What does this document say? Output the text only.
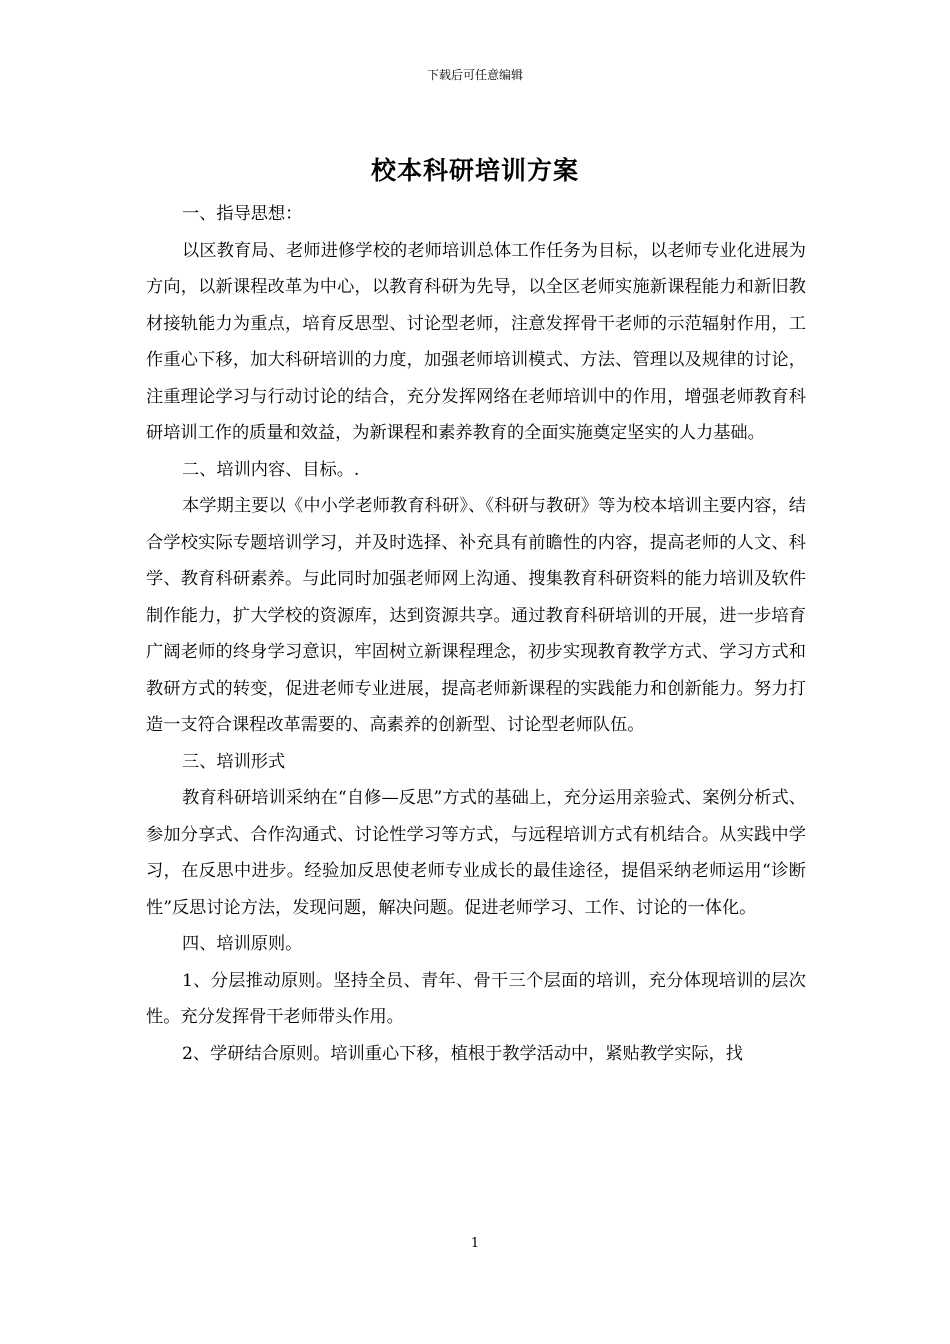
下载后可任意编辑
校本科研培训方案

一、指导思想：

以区教育局、老师进修学校的老师培训总体工作任务为目标，以老师专业化进展为方向，以新课程改革为中心，以教育科研为先导，以全区老师实施新课程能力和新旧教材接轨能力为重点，培育反思型、讨论型老师，注意发挥骨干老师的示范辐射作用，工作重心下移，加大科研培训的力度，加强老师培训模式、方法、管理以及规律的讨论，注重理论学习与行动讨论的结合，充分发挥网络在老师培训中的作用，增强老师教育科研培训工作的质量和效益，为新课程和素养教育的全面实施奠定坚实的人力基础。

二、培训内容、目标。.

本学期主要以《中小学老师教育科研》、《科研与教研》等为校本培训主要内容，结合学校实际专题培训学习，并及时选择、补充具有前瞻性的内容，提高老师的人文、科学、教育科研素养。与此同时加强老师网上沟通、搜集教育科研资料的能力培训及软件制作能力，扩大学校的资源库，达到资源共享。通过教育科研培训的开展，进一步培育广阔老师的终身学习意识，牢固树立新课程理念，初步实现教育教学方式、学习方式和教研方式的转变，促进老师专业进展，提高老师新课程的实践能力和创新能力。努力打造一支符合课程改革需要的、高素养的创新型、讨论型老师队伍。

三、培训形式

教育科研培训采纳在“自修—反思”方式的基础上，充分运用亲验式、案例分析式、参加分享式、合作沟通式、讨论性学习等方式，与远程培训方式有机结合。从实践中学习，在反思中进步。经验加反思使老师专业成长的最佳途径，提倡采纳老师运用“诊断性”反思讨论方法，发现问题，解决问题。促进老师学习、工作、讨论的一体化。

四、培训原则。

1、分层推动原则。坚持全员、青年、骨干三个层面的培训，充分体现培训的层次性。充分发挥骨干老师带头作用。

2、学研结合原则。培训重心下移，植根于教学活动中，紧贴教学实际，找

1
